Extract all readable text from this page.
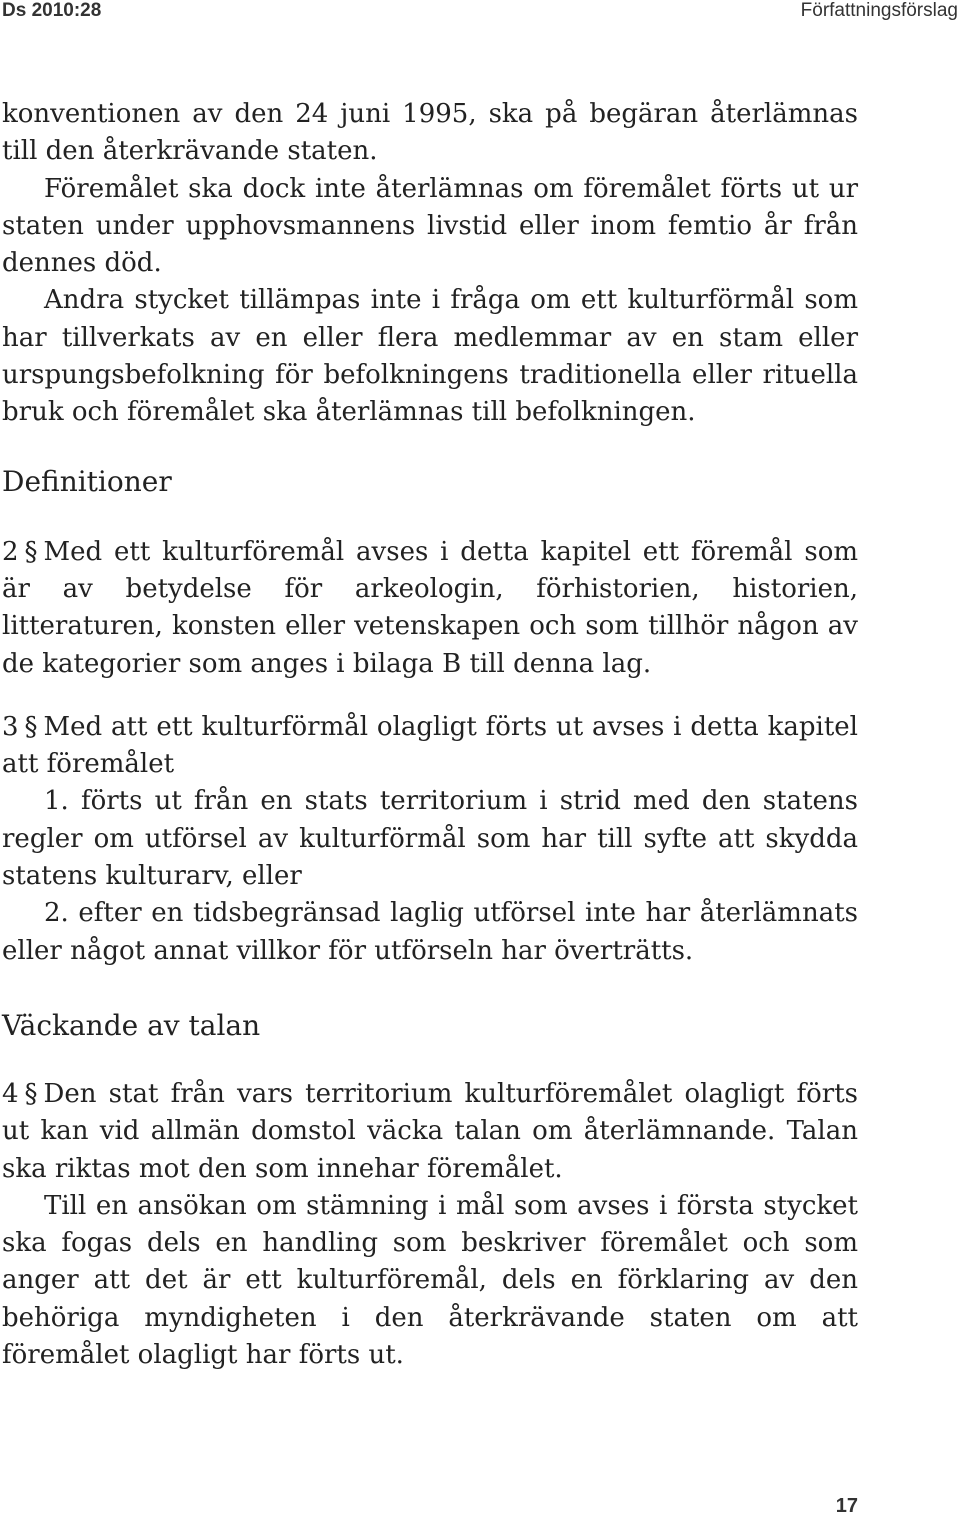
Ds 2010:28	Författningsförslag

konventionen av den 24 juni 1995, ska på begäran återlämnas till den återkrävande staten.

Föremålet ska dock inte återlämnas om föremålet förts ut ur staten under upphovsmannens livstid eller inom femtio år från dennes död.

Andra stycket tillämpas inte i fråga om ett kulturförmål som har tillverkats av en eller flera medlemmar av en stam eller urspungsbefolkning för befolkningens traditionella eller rituella bruk och föremålet ska återlämnas till befolkningen.

Definitioner

2 § Med ett kulturföremål avses i detta kapitel ett föremål som är av betydelse för arkeologin, förhistorien, historien, litteraturen, konsten eller vetenskapen och som tillhör någon av de kategorier som anges i bilaga B till denna lag.

3 § Med att ett kulturförmål olagligt förts ut avses i detta kapitel att föremålet

1. förts ut från en stats territorium i strid med den statens regler om utförsel av kulturförmål som har till syfte att skydda statens kulturarv, eller

2. efter en tidsbegränsad laglig utförsel inte har återlämnats eller något annat villkor för utförseln har överträtts.

Väckande av talan

4 § Den stat från vars territorium kulturföremålet olagligt förts ut kan vid allmän domstol väcka talan om återlämnande. Talan ska riktas mot den som innehar föremålet.

Till en ansökan om stämning i mål som avses i första stycket ska fogas dels en handling som beskriver föremålet och som anger att det är ett kulturföremål, dels en förklaring av den behöriga myndigheten i den återkrävande staten om att föremålet olagligt har förts ut.

17
